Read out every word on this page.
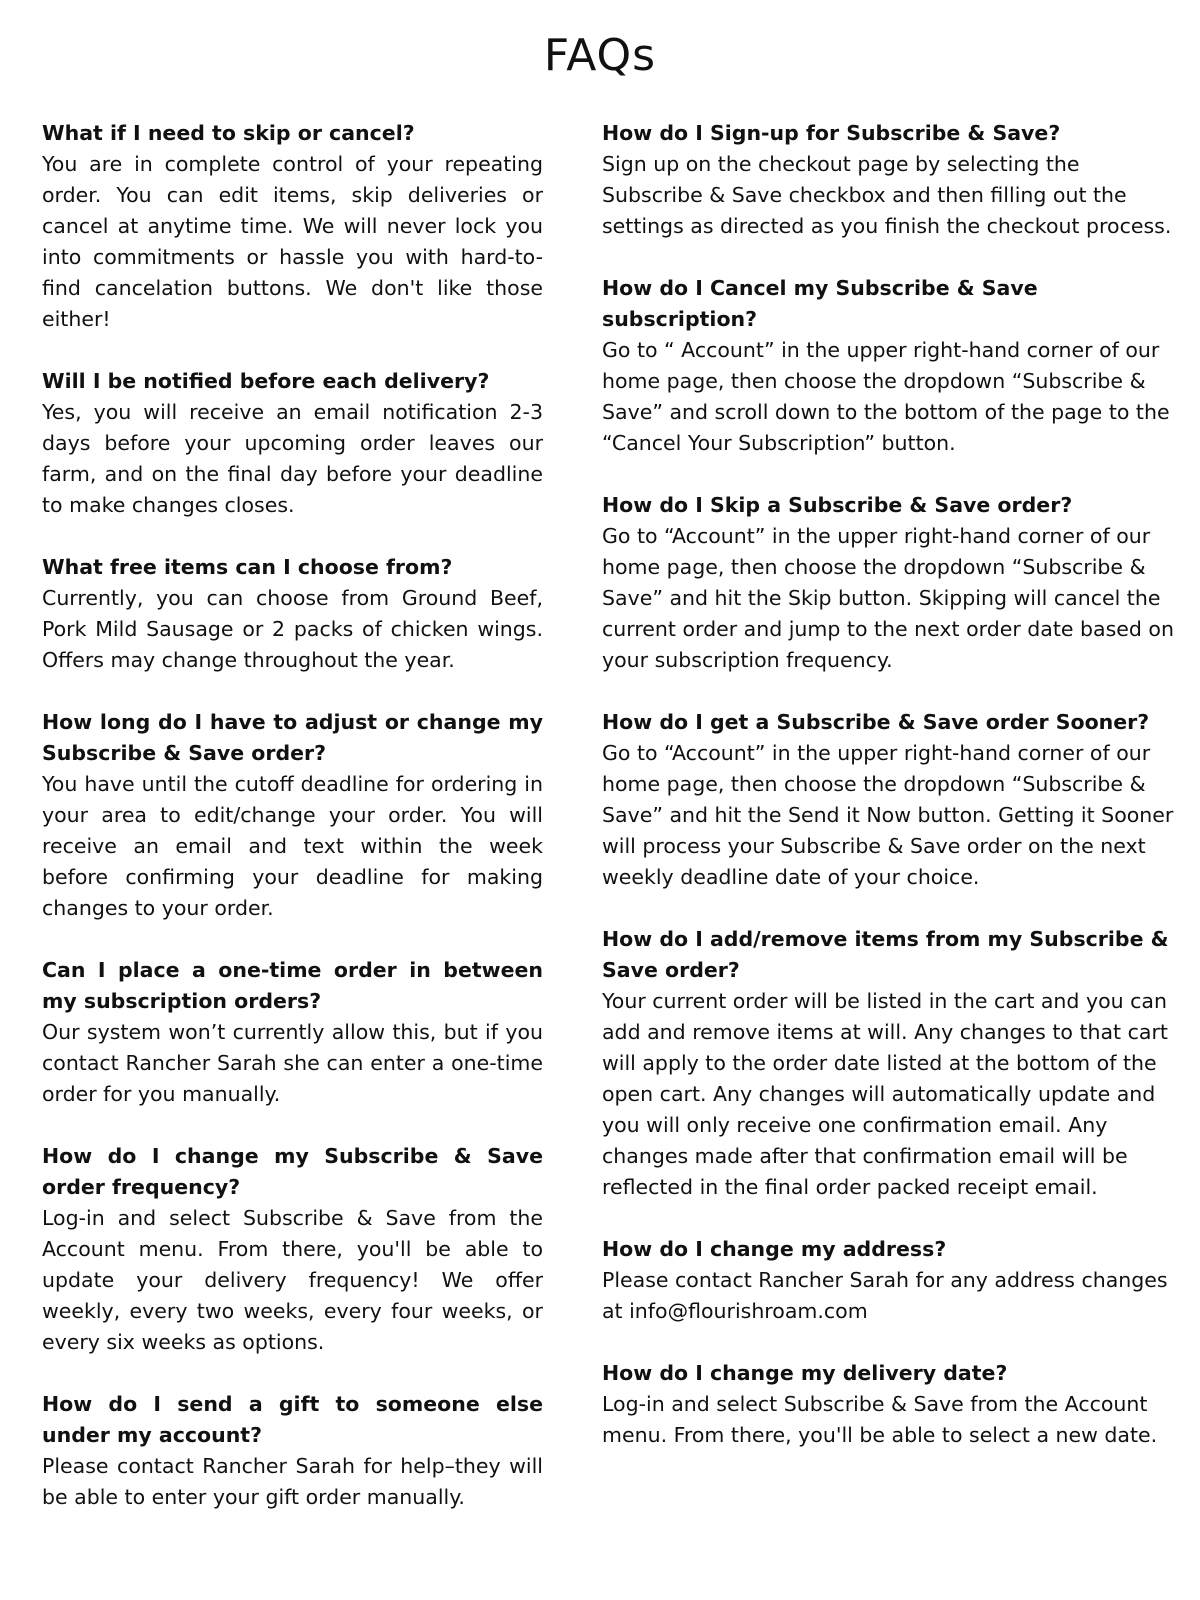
FAQs

What if I need to skip or cancel?

You are in complete control of your repeating order. You can edit items, skip deliveries or cancel at anytime time. We will never lock you into commitments or hassle you with hard-to-find cancelation buttons. We don't like those either!

Will I be notified before each delivery?

Yes, you will receive an email notification 2-3 days before your upcoming order leaves our farm, and on the final day before your deadline to make changes closes.

What free items can I choose from?

Currently, you can choose from Ground Beef, Pork Mild Sausage or 2 packs of chicken wings. Offers may change throughout the year.

How long do I have to adjust or change my Subscribe & Save order?

You have until the cutoff deadline for ordering in your area to edit/change your order. You will receive an email and text within the week before confirming your deadline for making changes to your order.

Can I place a one-time order in between my subscription orders?

Our system won’t currently allow this, but if you contact Rancher Sarah she can enter a one-time order for you manually.

How do I change my Subscribe & Save order frequency?

Log-in and select Subscribe & Save from the Account menu. From there, you'll be able to update your delivery frequency! We offer weekly, every two weeks, every four weeks, or every six weeks as options.

How do I send a gift to someone else under my account?

Please contact Rancher Sarah for help–they will be able to enter your gift order manually.

How do I Sign-up for Subscribe & Save?

Sign up on the checkout page by selecting the Subscribe & Save checkbox and then filling out the settings as directed as you finish the checkout process.

How do I Cancel my Subscribe & Save subscription?

Go to “ Account” in the upper right-hand corner of our home page, then choose the dropdown “Subscribe & Save” and scroll down to the bottom of the page to the “Cancel Your Subscription” button.

How do I Skip a Subscribe & Save order?

Go to “Account” in the upper right-hand corner of our home page, then choose the dropdown “Subscribe & Save” and hit the Skip button. Skipping will cancel the current order and jump to the next order date based on your subscription frequency.

How do I get a Subscribe & Save order Sooner?

Go to “Account” in the upper right-hand corner of our home page, then choose the dropdown “Subscribe & Save” and hit the Send it Now button. Getting it Sooner will process your Subscribe & Save order on the next weekly deadline date of your choice.

How do I add/remove items from my Subscribe & Save order?

Your current order will be listed in the cart and you can add and remove items at will. Any changes to that cart will apply to the order date listed at the bottom of the open cart. Any changes will automatically update and you will only receive one confirmation email. Any changes made after that confirmation email will be reflected in the final order packed receipt email.

How do I change my address?

Please contact Rancher Sarah for any address changes at info@flourishroam.com

How do I change my delivery date?

Log-in and select Subscribe & Save from the Account menu. From there, you'll be able to select a new date.
